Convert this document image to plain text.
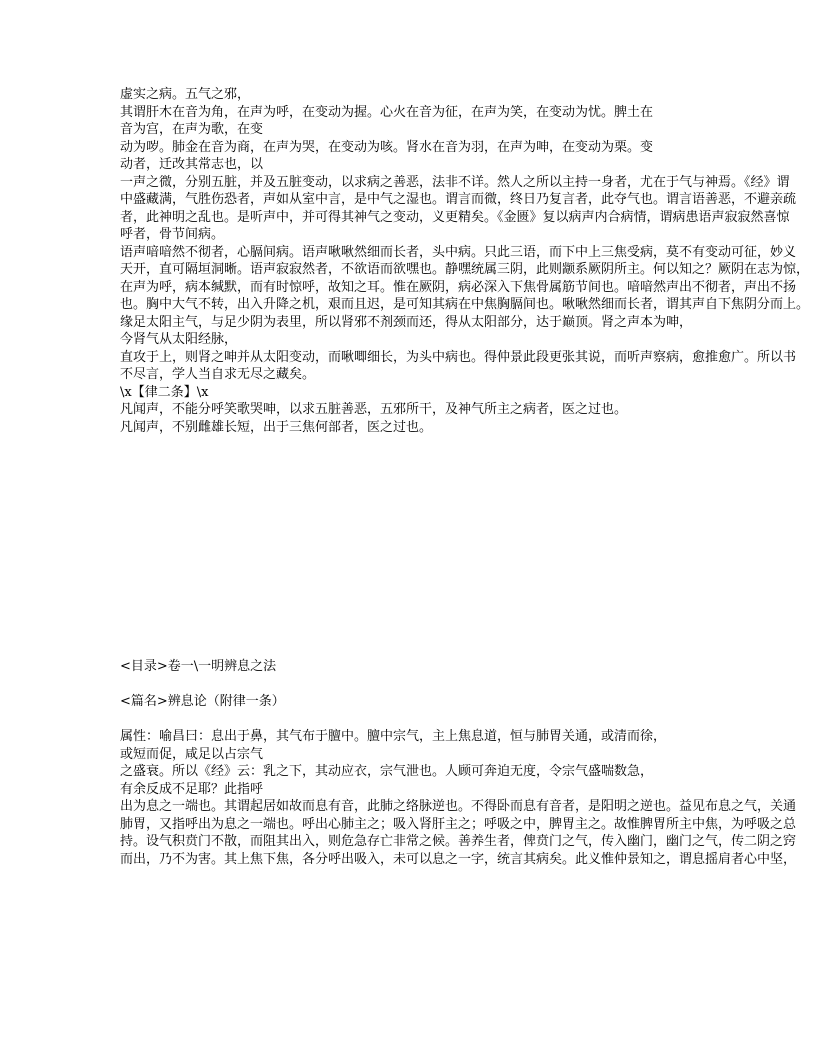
虚实之病。五气之邪，
其谓肝木在音为角，在声为呼，在变动为握。心火在音为征，在声为笑，在变动为忧。脾土在
音为宫，在声为歌，在变
动为哕。肺金在音为商，在声为哭，在变动为咳。肾水在音为羽，在声为呻，在变动为栗。变
动者，迁改其常志也，以
一声之微，分别五脏，并及五脏变动，以求病之善恶，法非不详。然人之所以主持一身者，尤在于气与神焉。《经》谓
中盛藏满，气胜伤恐者，声如从室中言，是中气之湿也。谓言而微，终日乃复言者，此夺气也。谓言语善恶，不避亲疏
者，此神明之乱也。是听声中，并可得其神气之变动，义更精矣。《金匮》复以病声内合病情，谓病患语声寂寂然喜惊
呼者，骨节间病。
语声喑喑然不彻者，心膈间病。语声啾啾然细而长者，头中病。只此三语，而下中上三焦受病，莫不有变动可征，妙义
天开，直可隔垣洞晰。语声寂寂然者，不欲语而欲嘿也。静嘿统属三阴，此则颛系厥阴所主。何以知之？厥阴在志为惊，
在声为呼，病本缄默，而有时惊呼，故知之耳。惟在厥阴，病必深入下焦骨属筋节间也。喑喑然声出不彻者，声出不扬
也。胸中大气不转，出入升降之机，艰而且迟，是可知其病在中焦胸膈间也。啾啾然细而长者，谓其声自下焦阴分而上。
缘足太阳主气，与足少阴为表里，所以肾邪不剂颈而还，得从太阳部分，达于巅顶。肾之声本为呻，
今肾气从太阳经脉，
直攻于上，则肾之呻并从太阳变动，而啾唧细长，为头中病也。得仲景此段更张其说，而听声察病，愈推愈广。所以书
不尽言，学人当自求无尽之藏矣。
\x【律二条】\x
凡闻声，不能分呼笑歌哭呻，以求五脏善恶，五邪所干，及神气所主之病者，医之过也。
凡闻声，不别雌雄长短，出于三焦何部者，医之过也。
<目录>卷一\一明辨息之法
<篇名>辨息论（附律一条）
属性：喻昌曰：息出于鼻，其气布于膻中。膻中宗气，主上焦息道，恒与肺胃关通，或清而徐，
或短而促，咸足以占宗气
之盛衰。所以《经》云：乳之下，其动应衣，宗气泄也。人顾可奔迫无度，令宗气盛喘数急，
有余反成不足耶？此指呼
出为息之一端也。其谓起居如故而息有音，此肺之络脉逆也。不得卧而息有音者，是阳明之逆也。益见布息之气，关通
肺胃，又指呼出为息之一端也。呼出心肺主之；吸入肾肝主之；呼吸之中，脾胃主之。故惟脾胃所主中焦，为呼吸之总
持。设气积贲门不散，而阻其出入，则危急存亡非常之候。善养生者，俾贲门之气，传入幽门，幽门之气，传二阴之窍
而出，乃不为害。其上焦下焦，各分呼出吸入，未可以息之一字，统言其病矣。此义惟仲景知之，谓息摇肩者心中坚，
